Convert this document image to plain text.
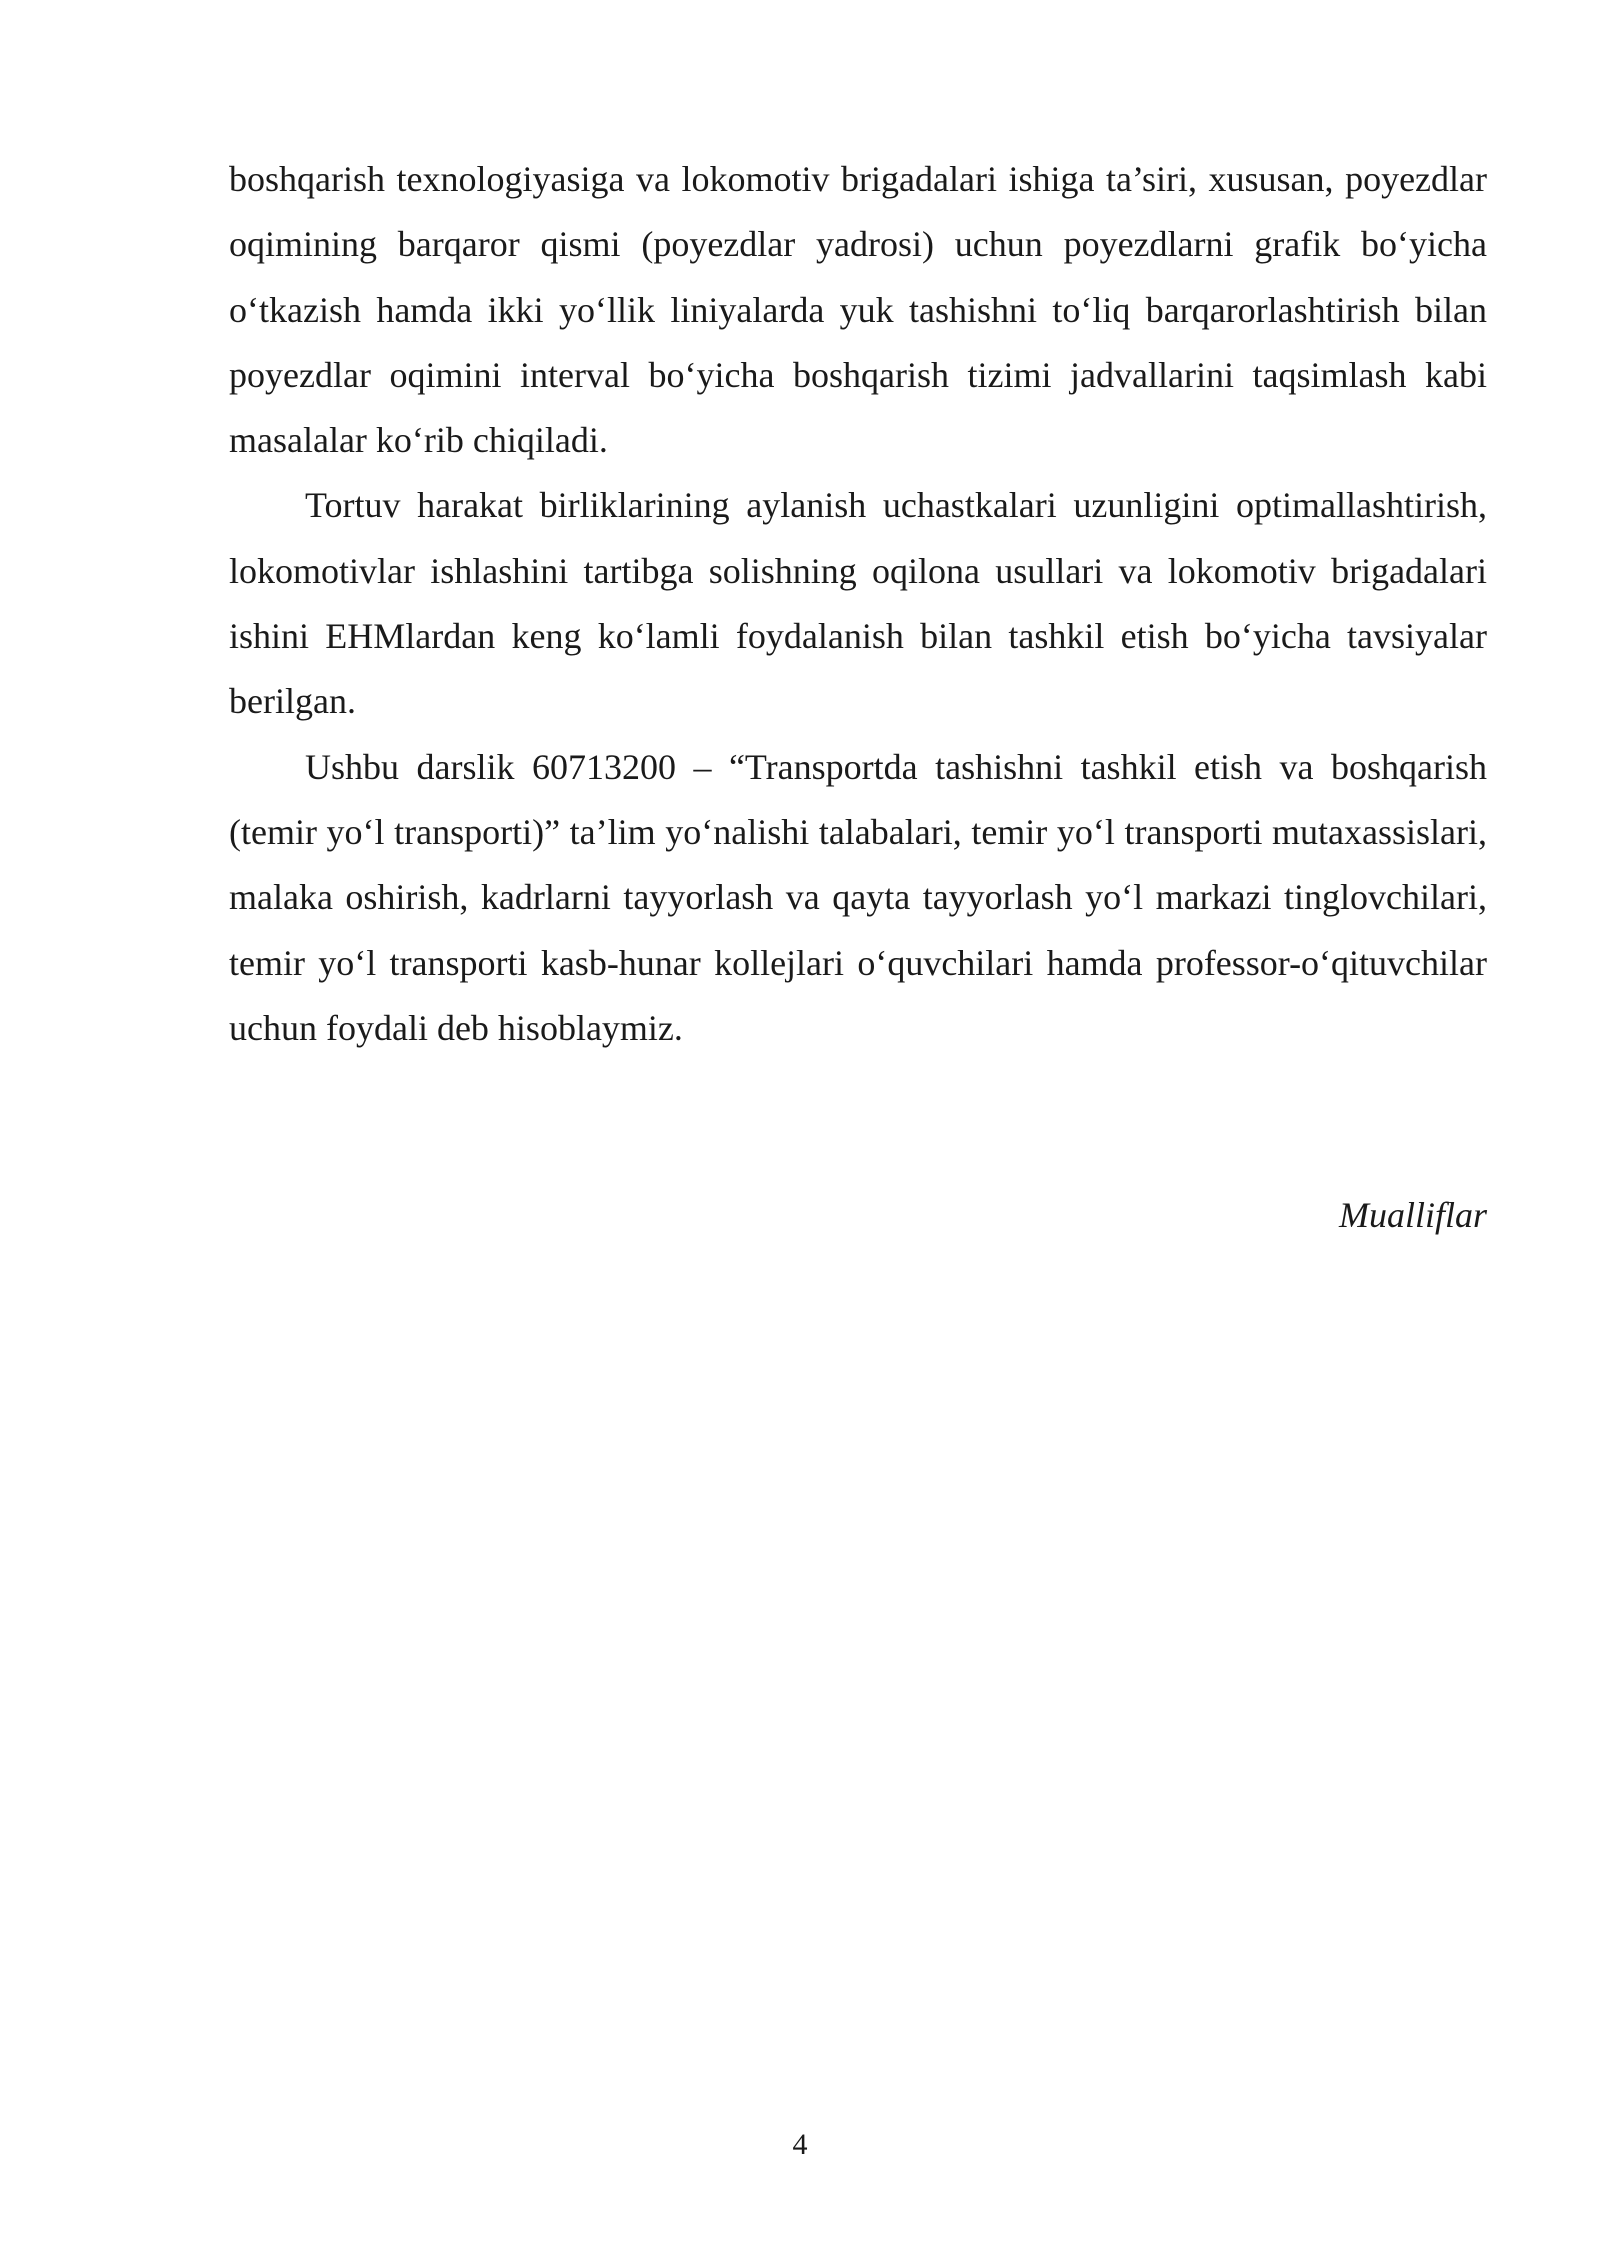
boshqarish texnologiyasiga va lokomotiv brigadalari ishiga ta’siri, xususan, poyezdlar oqimining barqaror qismi (poyezdlar yadrosi) uchun poyezdlarni grafik bo‘yicha o‘tkazish hamda ikki yo‘llik liniyalarda yuk tashishni to‘liq barqarorlashtirish bilan poyezdlar oqimini interval bo‘yicha boshqarish tizimi jadvallarini taqsimlash kabi masalalar ko‘rib chiqiladi.

Tortuv harakat birliklarining aylanish uchastkalari uzunligini optimallashtirish, lokomotivlar ishlashini tartibga solishning oqilona usullari va lokomotiv brigadalari ishini EHMlardan keng ko‘lamli foydalanish bilan tashkil etish bo‘yicha tavsiyalar berilgan.

Ushbu darslik 60713200 – “Transportda tashishni tashkil etish va boshqarish (temir yo‘l transporti)” ta’lim yo‘nalishi talabalari, temir yo‘l transporti mutaxassislari, malaka oshirish, kadrlarni tayyorlash va qayta tayyorlash yo‘l markazi tinglovchilari, temir yo‘l transporti kasb-hunar kollejlari o‘quvchilari hamda professor-o‘qituvchilar uchun foydali deb hisoblaymiz.

Mualliflar
4
